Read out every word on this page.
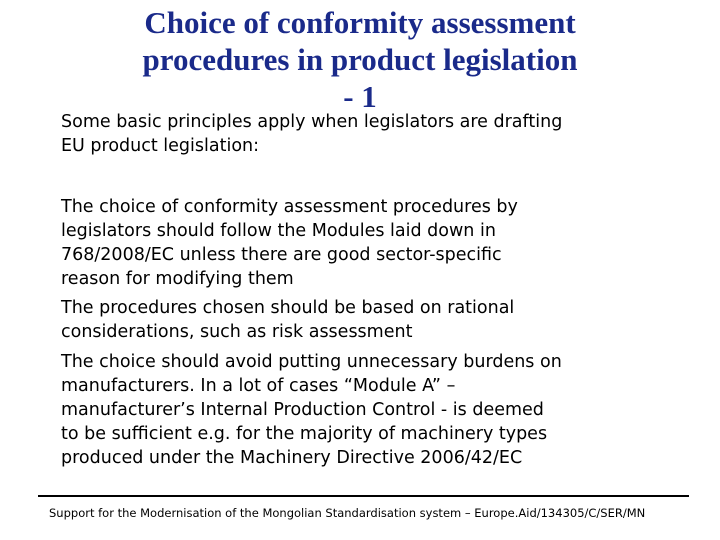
Choice of conformity assessment
procedures in product legislation
- 1

Some basic principles apply when legislators are drafting
EU product legislation:

The choice of conformity assessment procedures by
legislators should follow the Modules laid down in
768/2008/EC unless there are good sector-specific
reason for modifying them

The procedures chosen should be based on rational
considerations, such as risk assessment

The choice should avoid putting unnecessary burdens on
manufacturers. In a lot of cases “Module A” –
manufacturer’s Internal Production Control - is deemed
to be sufficient e.g. for the majority of machinery types
produced under the Machinery Directive 2006/42/EC

Support for the Modernisation of the Mongolian Standardisation system – Europe.Aid/134305/C/SER/MN
